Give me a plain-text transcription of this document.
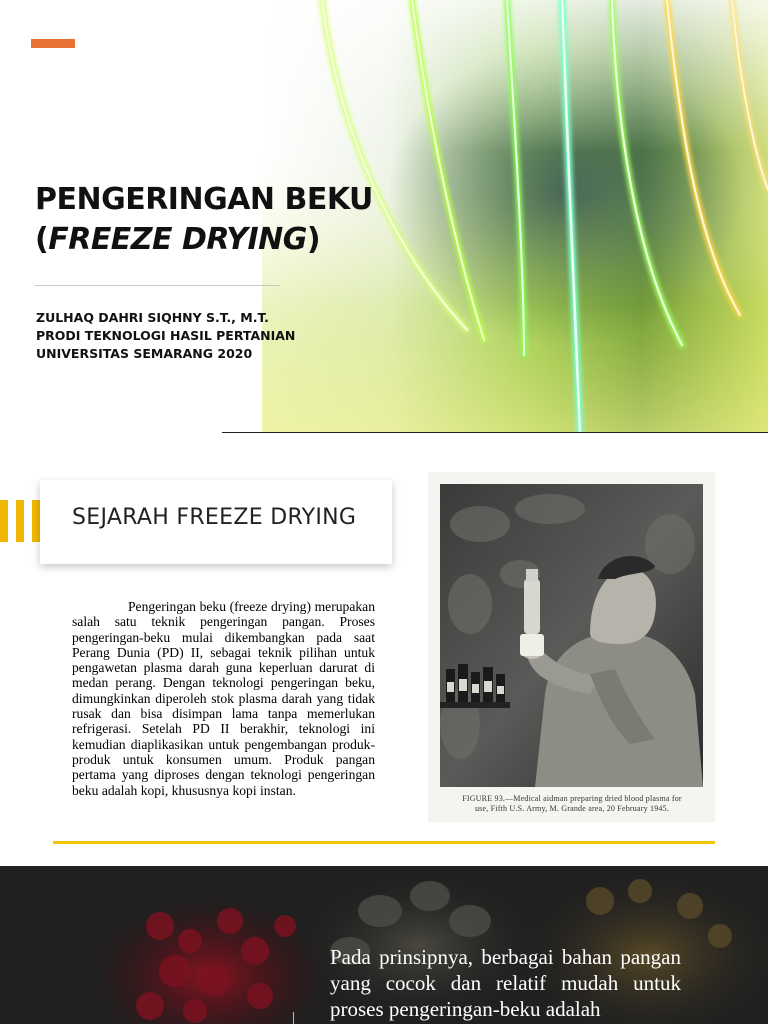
PENGERINGAN BEKU
(FREEZE DRYING)
ZULHAQ DAHRI SIQHNY S.T., M.T.
PRODI TEKNOLOGI HASIL PERTANIAN
UNIVERSITAS SEMARANG 2020
SEJARAH FREEZE DRYING

Pengeringan beku (freeze drying) merupakan salah satu teknik pengeringan pangan. Proses pengeringan-beku mulai dikembangkan pada saat Perang Dunia (PD) II, sebagai teknik pilihan untuk pengawetan plasma darah guna keperluan darurat di medan perang. Dengan teknologi pengeringan beku, dimungkinkan diperoleh stok plasma darah yang tidak rusak dan bisa disimpan lama tanpa memerlukan refrigerasi. Setelah PD II berakhir, teknologi ini kemudian diaplikasikan untuk pengembangan produk-produk untuk konsumen umum. Produk pangan pertama yang diproses dengan teknologi pengeringan beku adalah kopi, khususnya kopi instan.

FIGURE 93.—Medical aidman preparing dried blood plasma for
use, Fifth U.S. Army, M. Grande area, 20 February 1945.

Pada prinsipnya, berbagai bahan pangan yang cocok dan relatif mudah untuk proses pengeringan-beku adalah
